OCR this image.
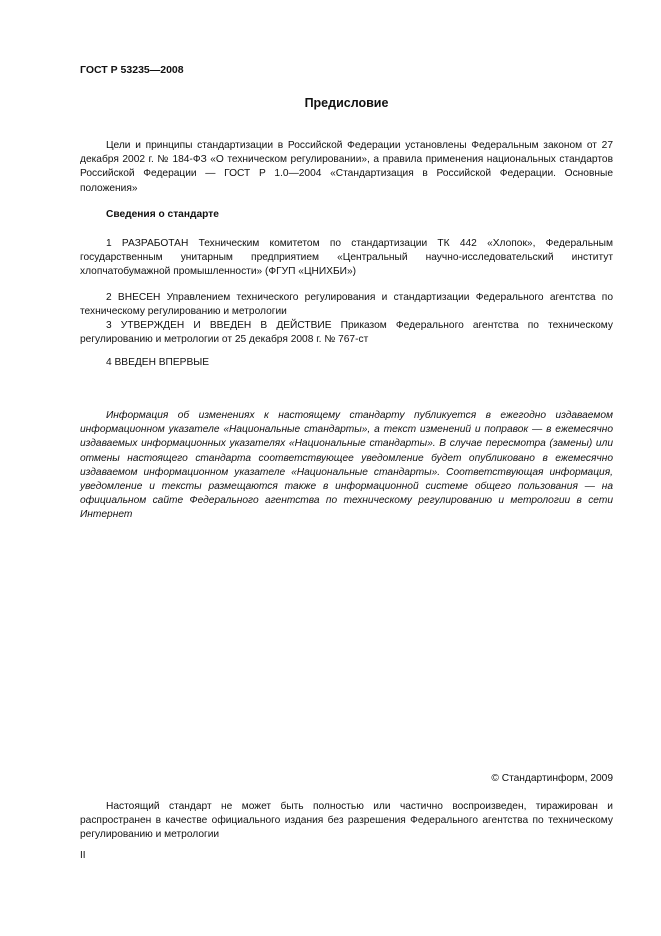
ГОСТ Р 53235—2008

Предисловие

Цели и принципы стандартизации в Российской Федерации установлены Федеральным законом от 27 декабря 2002 г. № 184-ФЗ «О техническом регулировании», а правила применения национальных стандартов Российской Федерации — ГОСТ Р 1.0—2004 «Стандартизация в Российской Федерации. Основные положения»

Сведения о стандарте

1 РАЗРАБОТАН Техническим комитетом по стандартизации ТК 442 «Хлопок», Федеральным государственным унитарным предприятием «Центральный научно-исследовательский институт хлопчатобумажной промышленности» (ФГУП «ЦНИХБИ»)

2 ВНЕСЕН Управлением технического регулирования и стандартизации Федерального агентства по техническому регулированию и метрологии

3 УТВЕРЖДЕН И ВВЕДЕН В ДЕЙСТВИЕ Приказом Федерального агентства по техническому регулированию и метрологии от 25 декабря 2008 г. № 767-ст

4 ВВЕДЕН ВПЕРВЫЕ

Информация об изменениях к настоящему стандарту публикуется в ежегодно издаваемом информационном указателе «Национальные стандарты», а текст изменений и поправок — в ежемесячно издаваемых информационных указателях «Национальные стандарты». В случае пересмотра (замены) или отмены настоящего стандарта соответствующее уведомление будет опубликовано в ежемесячно издаваемом информационном указателе «Национальные стандарты». Соответствующая информация, уведомление и тексты размещаются также в информационной системе общего пользования — на официальном сайте Федерального агентства по техническому регулированию и метрологии в сети Интернет

© Стандартинформ, 2009

Настоящий стандарт не может быть полностью или частично воспроизведен, тиражирован и распространен в качестве официального издания без разрешения Федерального агентства по техническому регулированию и метрологии

II
